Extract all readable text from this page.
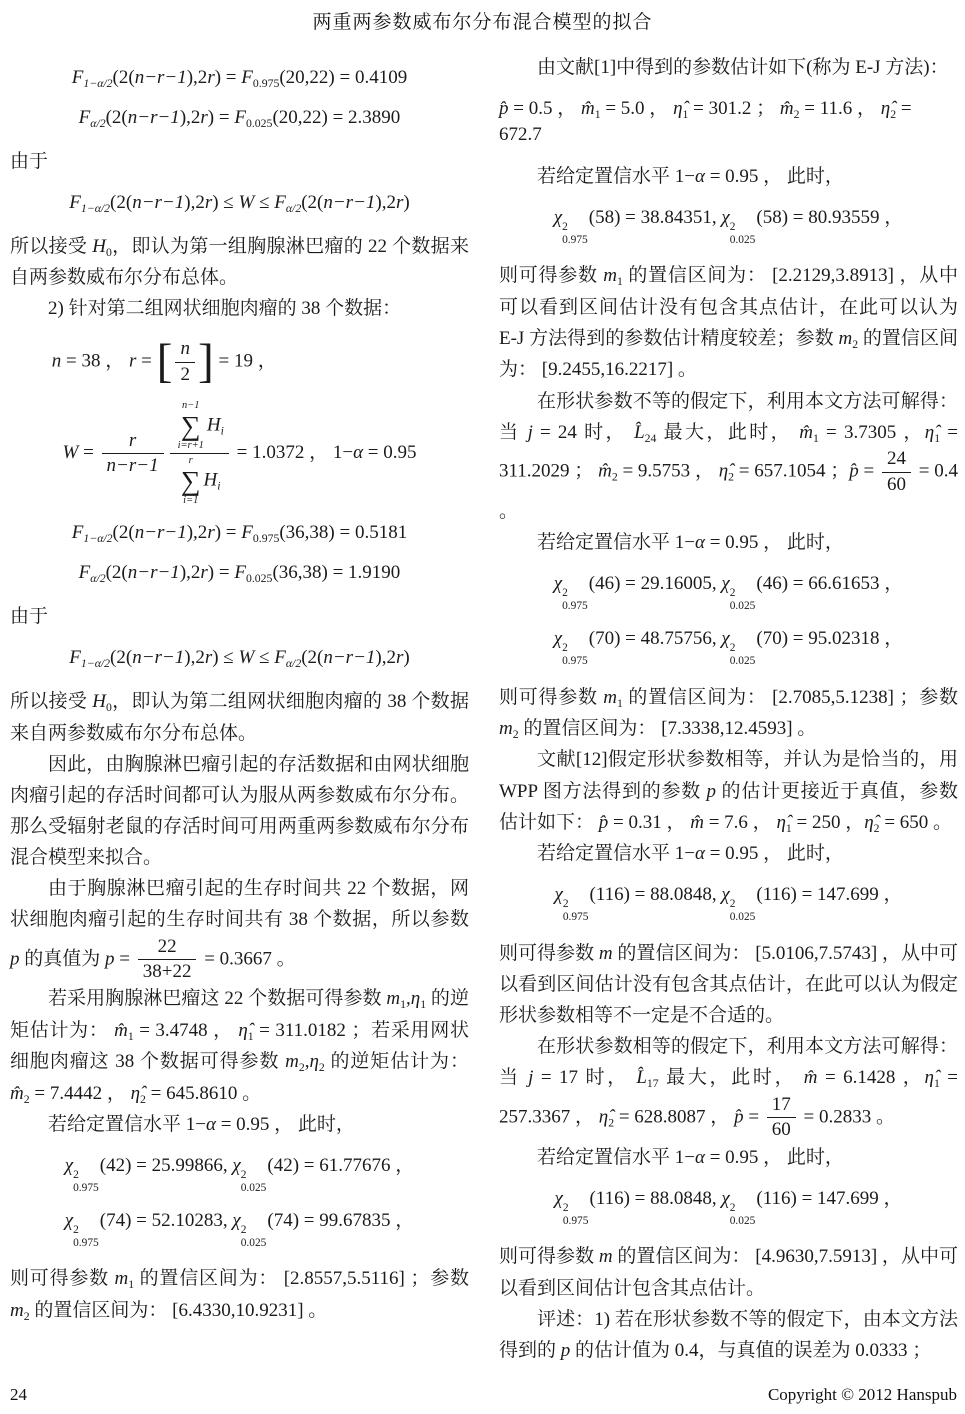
两重两参数威布尔分布混合模型的拟合
$F_{1-\alpha/2}(2(n-r-1),2r) = F_{0.975}(20,22) = 0.4109$
$F_{\alpha/2}(2(n-r-1),2r) = F_{0.025}(20,22) = 2.3890$
由于
$F_{1-\alpha/2}(2(n-r-1),2r) \le W \le F_{\alpha/2}(2(n-r-1),2r)$
所以接受 $H_0$，即认为第一组胸腺淋巴瘤的 22 个数据来自两参数威布尔分布总体。
2) 针对第二组网状细胞肉瘤的 38 个数据：
n = 38 ， r = [ $\frac{n}{2}$ ] = 19 ，
$W = \frac{r}{n-r-1} n-1$
∑
i=r+1
$H_i$
r
∑
i=1
$H_i = 1.0372$ ， 1−α = 0.95
$F_{1-\alpha/2}(2(n-r-1),2r) = F_{0.975}(36,38) = 0.5181$
$F_{\alpha/2}(2(n-r-1),2r) = F_{0.025}(36,38) = 1.9190$
由于
$F_{1-\alpha/2}(2(n-r-1),2r) \le W \le F_{\alpha/2}(2(n-r-1),2r)$
所以接受 $H_0$，即认为第二组网状细胞肉瘤的 38 个数据来自两参数威布尔分布总体。
因此，由胸腺淋巴瘤引起的存活数据和由网状细胞肉瘤引起的存活时间都可认为服从两参数威布尔分布。那么受辐射老鼠的存活时间可用两重两参数威布尔分布混合模型来拟合。
由于胸腺淋巴瘤引起的生存时间共 22 个数据，网状细胞肉瘤引起的生存时间共有 38 个数据，所以参数 p 的真值为 $p = \frac{22}{38+22} = 0.3667$ 。
若采用胸腺淋巴瘤这 22 个数据可得参数 $m_1,\eta_1$ 的逆矩估计为： $m̂_1 = 3.4748$ ， $\etâ_1 = 311.0182$ ；若采用网状细胞肉瘤这 38 个数据可得参数 $m_2,\eta_2$ 的逆矩估计为： $m̂_2 = 7.4442$ ， $\etâ_2 = 645.8610$ 。
若给定置信水平 1−α = 0.95 ， 此时，
χ 2
0.975
(42) = 25.99866, χ 2
0.025
(42) = 61.77676 ，
χ 2
0.975
(74) = 52.10283, χ 2
0.025
(74) = 99.67835 ，
则可得参数 $m_1$ 的置信区间为： [2.8557,5.5116] ；参数 $m_2$ 的置信区间为： [6.4330,10.9231] 。
由文献[1]中得到的参数估计如下(称为 E-J 方法)：
p̂ = 0.5 ， $m̂_1 = 5.0$ ， $\etâ_1 = 301.2$ ； $m̂_2 = 11.6$ ， $\etâ_2 = 672.7$
若给定置信水平 1−α = 0.95 ， 此时，
χ 2
0.975
(58) = 38.84351, χ 2
0.025
(58) = 80.93559 ，
则可得参数 $m_1$ 的置信区间为： [2.2129,3.8913] ，从中可以看到区间估计没有包含其点估计，在此可以认为 E-J 方法得到的参数估计精度较差；参数 $m_2$ 的置信区间为： [9.2455,16.2217] 。
在形状参数不等的假定下，利用本文方法可解得：当 j = 24 时， $L̂_{24}$ 最大，此时， $m̂_1 = 3.7305$ ，$\etâ_1 = 311.2029$ ； $m̂_2 = 9.5753$ ， $\etâ_2 = 657.1054$ ；p̂ = $\frac{24}{60} = 0.4$ 。
若给定置信水平 1−α = 0.95 ， 此时，
χ 2
0.975
(46) = 29.16005, χ 2
0.025
(46) = 66.61653 ，
χ 2
0.975
(70) = 48.75756, χ 2
0.025
(70) = 95.02318 ，
则可得参数 $m_1$ 的置信区间为： [2.7085,5.1238] ；参数 $m_2$ 的置信区间为： [7.3338,12.4593] 。
文献[12]假定形状参数相等，并认为是恰当的，用 WPP 图方法得到的参数 p 的估计更接近于真值，参数估计如下： p̂ = 0.31 ， m̂ = 7.6 ， $\etâ_1 = 250$ ，$\etâ_2 = 650$ 。
若给定置信水平 1−α = 0.95 ， 此时，
χ 2
0.975
(116) = 88.0848, χ 2
0.025
(116) = 147.699 ，
则可得参数 m 的置信区间为： [5.0106,7.5743] ，从中可以看到区间估计没有包含其点估计，在此可以认为假定形状参数相等不一定是不合适的。
在形状参数相等的假定下，利用本文方法可解得：当 j = 17 时， $L̂_{17}$ 最大，此时， m̂ = 6.1428 ，$\etâ_1 = 257.3367$ ， $\etâ_2 = 628.8087$ ， p̂ = $\frac{17}{60} = 0.2833$ 。
若给定置信水平 1−α = 0.95 ， 此时，
χ 2
0.975
(116) = 88.0848, χ 2
0.025
(116) = 147.699 ，
则可得参数 m 的置信区间为： [4.9630,7.5913] ，从中可以看到区间估计包含其点估计。
评述：1) 若在形状参数不等的假定下，由本文方法得到的 p 的估计值为 0.4，与真值的误差为 0.0333 ；
24	Copyright © 2012 Hanspub
